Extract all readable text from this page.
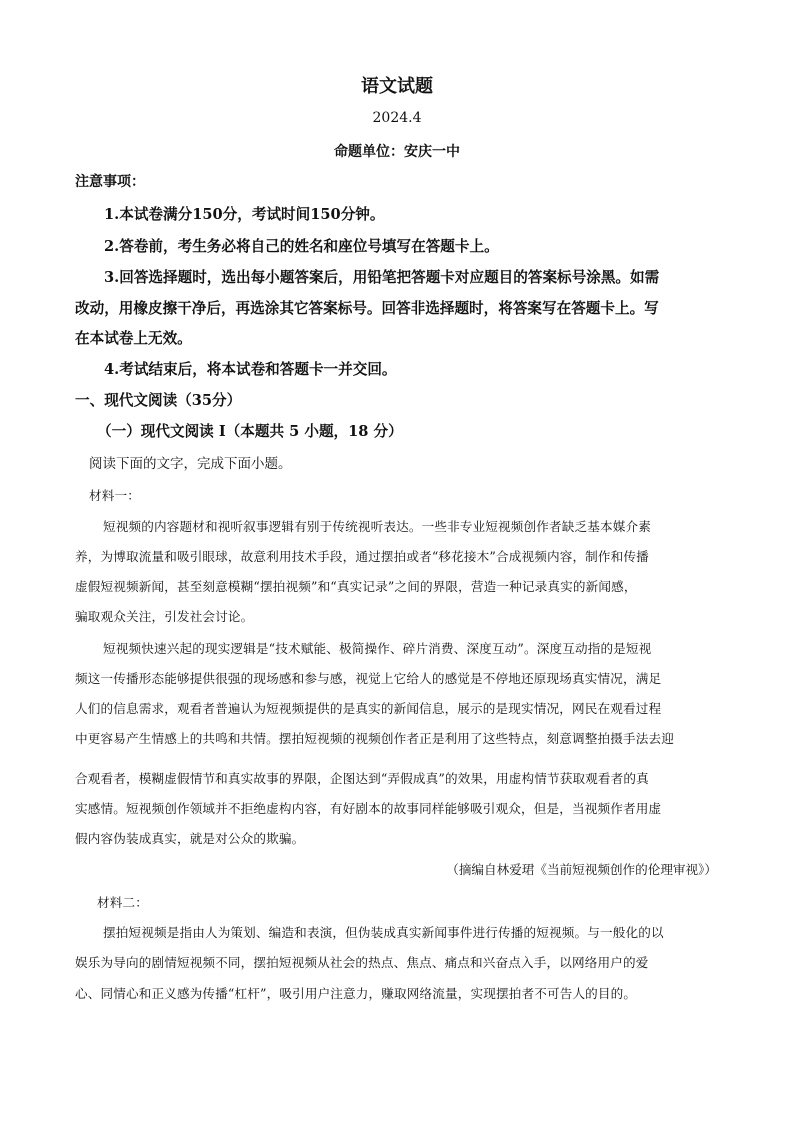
语文试题
2024.4
命题单位：安庆一中
注意事项：
1.本试卷满分150分，考试时间150分钟。
2.答卷前，考生务必将自己的姓名和座位号填写在答题卡上。
3.回答选择题时，选出每小题答案后，用铅笔把答题卡对应题目的答案标号涂黑。如需
改动，用橡皮擦干净后，再选涂其它答案标号。回答非选择题时，将答案写在答题卡上。写
在本试卷上无效。
4.考试结束后，将本试卷和答题卡一并交回。
一、现代文阅读（35分）
（一）现代文阅读 I（本题共 5 小题，18 分）
阅读下面的文字，完成下面小题。
材料一：
短视频的内容题材和视听叙事逻辑有别于传统视听表达。一些非专业短视频创作者缺乏基本媒介素
养，为博取流量和吸引眼球，故意利用技术手段，通过摆拍或者“移花接木”合成视频内容，制作和传播
虚假短视频新闻，甚至刻意模糊“摆拍视频”和“真实记录”之间的界限，营造一种记录真实的新闻感，
骗取观众关注，引发社会讨论。
短视频快速兴起的现实逻辑是“技术赋能、极简操作、碎片消费、深度互动”。深度互动指的是短视
频这一传播形态能够提供很强的现场感和参与感，视觉上它给人的感觉是不停地还原现场真实情况，满足
人们的信息需求，观看者普遍认为短视频提供的是真实的新闻信息，展示的是现实情况，网民在观看过程
中更容易产生情感上的共鸣和共情。摆拍短视频的视频创作者正是利用了这些特点，刻意调整拍摄手法去迎
合观看者，模糊虚假情节和真实故事的界限，企图达到“弄假成真”的效果，用虚构情节获取观看者的真
实感情。短视频创作领域并不拒绝虚构内容，有好剧本的故事同样能够吸引观众，但是，当视频作者用虚
假内容伪装成真实，就是对公众的欺骗。
（摘编自林爱珺《当前短视频创作的伦理审视》）
材料二：
摆拍短视频是指由人为策划、编造和表演，但伪装成真实新闻事件进行传播的短视频。与一般化的以
娱乐为导向的剧情短视频不同，摆拍短视频从社会的热点、焦点、痛点和兴奋点入手，以网络用户的爱
心、同情心和正义感为传播“杠杆”，吸引用户注意力，赚取网络流量，实现摆拍者不可告人的目的。
